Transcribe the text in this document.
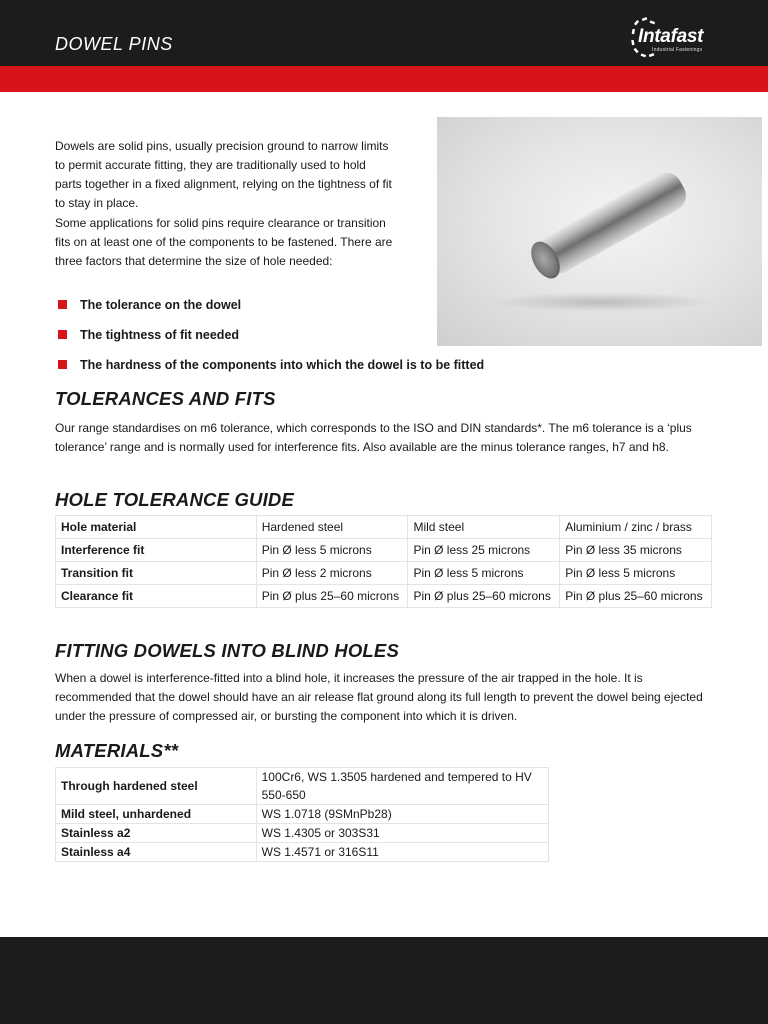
DOWEL PINS	Intafast
Industrial Fastenings

Dowels are solid pins, usually precision ground to narrow limits to permit accurate fitting, they are traditionally used to hold parts together in a fixed alignment, relying on the tightness of fit to stay in place.

Some applications for solid pins require clearance or transition fits on at least one of the components to be fastened. There are three factors that determine the size of hole needed:

The tolerance on the dowel
The tightness of fit needed
The hardness of the components into which the dowel is to be fitted
TOLERANCES AND FITS

Our range standardises on m6 tolerance, which corresponds to the ISO and DIN standards*. The m6 tolerance is a ‘plus tolerance’ range and is normally used for interference fits. Also available are the minus tolerance ranges, h7 and h8.

HOLE TOLERANCE GUIDE
Hole material	Hardened steel	Mild steel	Aluminium / zinc / brass
Interference fit	Pin Ø less 5 microns	Pin Ø less 25 microns	Pin Ø less 35 microns
Transition fit	Pin Ø less 2 microns	Pin Ø less 5 microns	Pin Ø less 5 microns
Clearance fit	Pin Ø plus 25–60 microns	Pin Ø plus 25–60 microns	Pin Ø plus 25–60 microns
FITTING DOWELS INTO BLIND HOLES

When a dowel is interference-fitted into a blind hole, it increases the pressure of the air trapped in the hole. It is recommended that the dowel should have an air release flat ground along its full length to prevent the dowel being ejected under the pressure of compressed air, or bursting the component into which it is driven.

MATERIALS**
Through hardened steel	100Cr6, WS 1.3505 hardened and tempered to HV 550-650
Mild steel, unhardened	WS 1.0718 (9SMnPb28)
Stainless a2	WS 1.4305 or 303S31
Stainless a4	WS 1.4571 or 316S11
